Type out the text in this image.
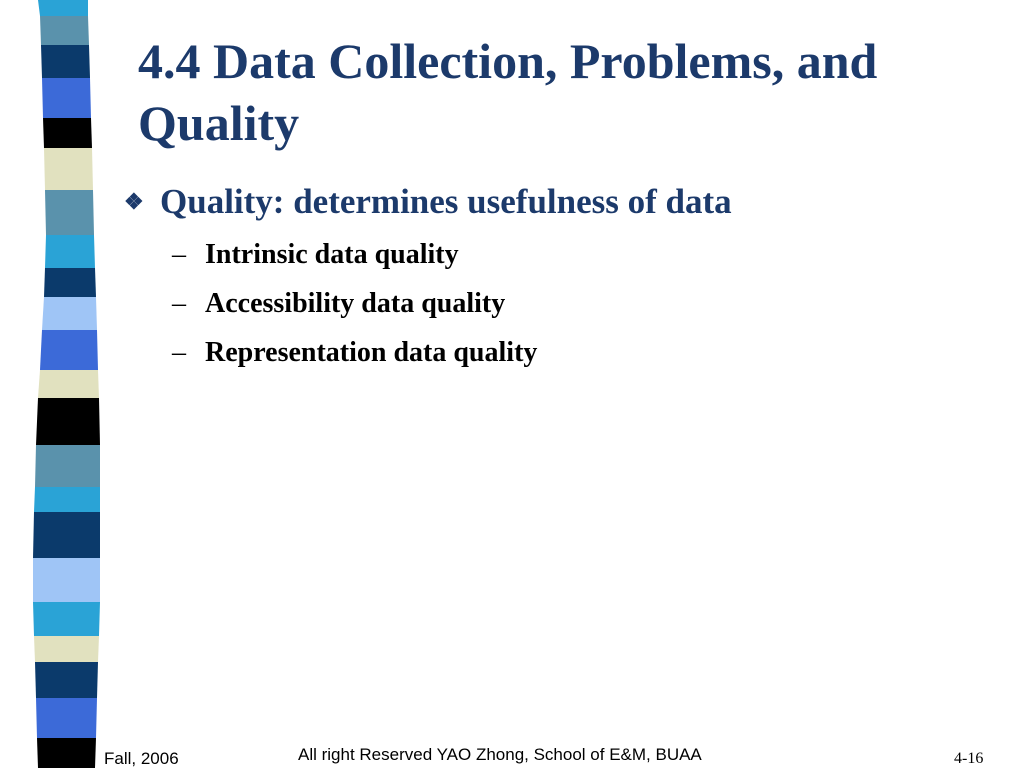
4.4 Data Collection, Problems, and Quality
❖ Quality: determines usefulness of data
– Intrinsic data quality
– Accessibility data quality
– Representation data quality
Fall, 2006	All right Reserved YAO Zhong, School of E&M, BUAA	4-16
